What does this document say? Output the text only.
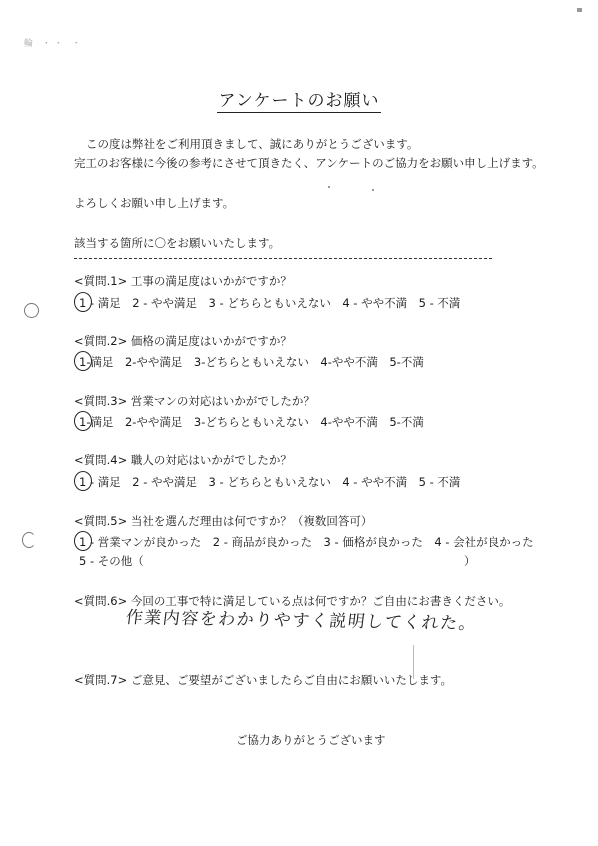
輪 ・・ ・
アンケートのお願い
この度は弊社をご利用頂きまして、誠にありがとうございます。
完工のお客様に今後の参考にさせて頂きたく、アンケートのご協力をお願い申し上げます。
よろしくお願い申し上げます。
該当する箇所に〇をお願いいたします。
<質問.1> 工事の満足度はいかがですか？
1 - 満足　2 - やや満足　3 - どちらともいえない　4 - やや不満　5 - 不満
<質問.2> 価格の満足度はいかがですか？
1-満足　2-やや満足　3-どちらともいえない　4-やや不満　5-不満
<質問.3> 営業マンの対応はいかがでしたか？
1-満足　2-やや満足　3-どちらともいえない　4-やや不満　5-不満
<質問.4> 職人の対応はいかがでしたか？
1 - 満足　2 - やや満足　3 - どちらともいえない　4 - やや不満　5 - 不満
<質問.5> 当社を選んだ理由は何ですか？（複数回答可）
1 - 営業マンが良かった　2 - 商品が良かった　3 - 価格が良かった　4 - 会社が良かった
5 - その他（	）
<質問.6> 今回の工事で特に満足している点は何ですか？ご自由にお書きください。
作業内容をわかりやすく説明してくれた。
<質問.7> ご意見、ご要望がございましたらご自由にお願いいたします。
ご協力ありがとうございます
